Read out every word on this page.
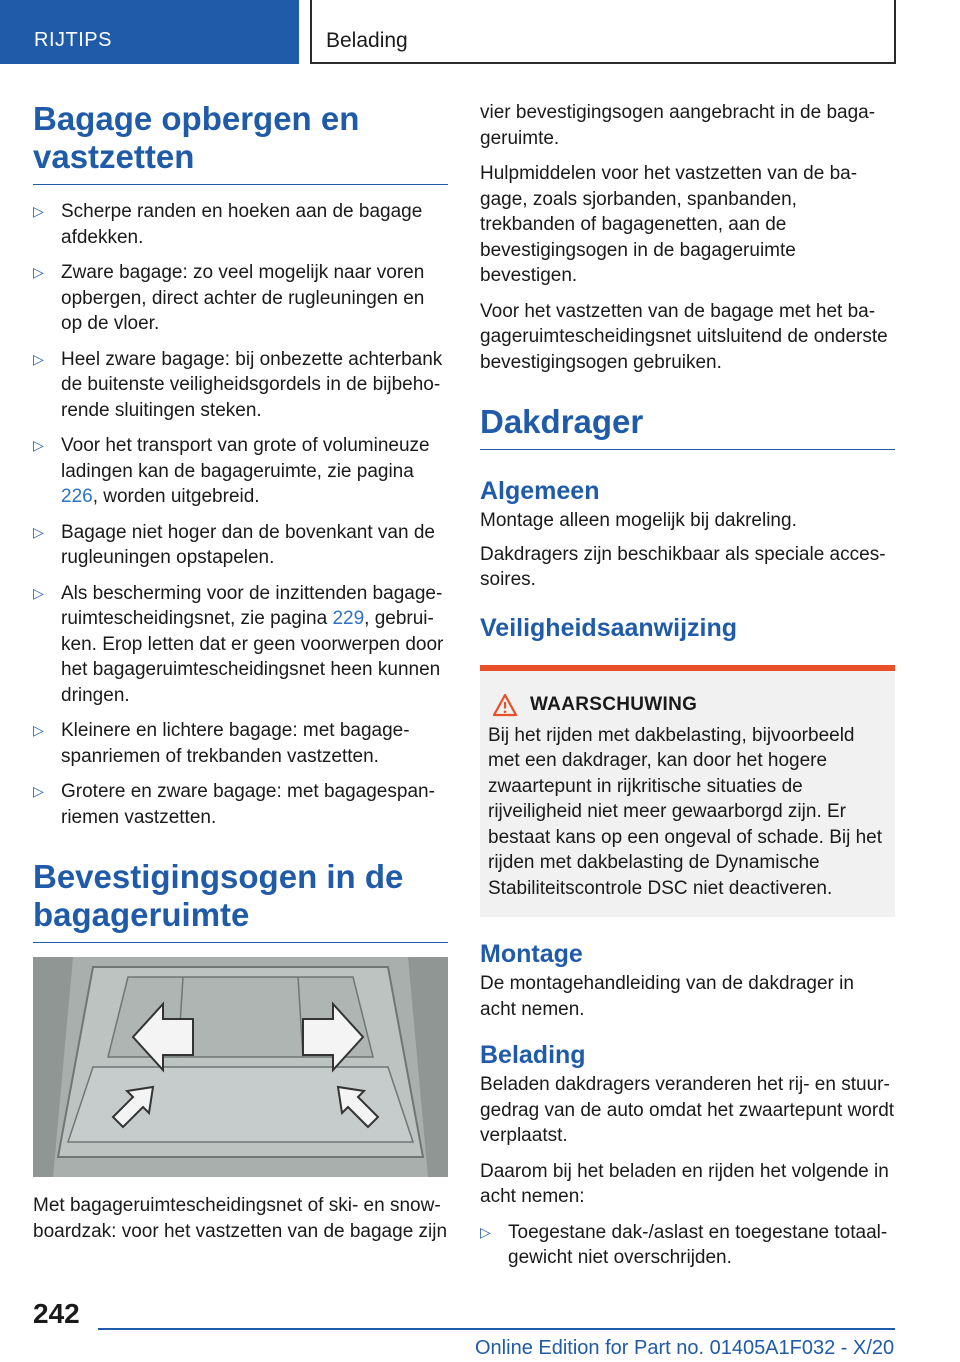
RIJTIPS	Belading
Bagage opbergen en vastzetten
▷ Scherpe randen en hoeken aan de bagage afdekken.
▷ Zware bagage: zo veel mogelijk naar voren opbergen, direct achter de rugleuningen en op de vloer.
▷ Heel zware bagage: bij onbezette achterbank de buitenste veiligheidsgordels in de bijbehorende sluitingen steken.
▷ Voor het transport van grote of volumineuze ladingen kan de bagageruimte, zie pagina 226, worden uitgebreid.
▷ Bagage niet hoger dan de bovenkant van de rugleuningen opstapelen.
▷ Als bescherming voor de inzittenden bagageruimtescheidingsnet, zie pagina 229, gebruiken. Erop letten dat er geen voorwerpen door het bagageruimtescheidingsnet heen kunnen dringen.
▷ Kleinere en lichtere bagage: met bagagespanriemen of trekbanden vastzetten.
▷ Grotere en zware bagage: met bagagespanriemen vastzetten.
Bevestigingsogen in de bagageruimte

Met bagageruimtescheidingsnet of ski- en snowboardzak: voor het vastzetten van de bagage zijn

vier bevestigingsogen aangebracht in de bagageruimte.

Hulpmiddelen voor het vastzetten van de bagage, zoals sjorbanden, spanbanden, trekbanden of bagagenetten, aan de bevestigingsogen in de bagageruimte bevestigen.

Voor het vastzetten van de bagage met het bagageruimtescheidingsnet uitsluitend de onderste bevestigingsogen gebruiken.

Dakdrager
Algemeen

Montage alleen mogelijk bij dakreling.

Dakdragers zijn beschikbaar als speciale accessoires.

Veiligheidsaanwijzing
WAARSCHUWING

Bij het rijden met dakbelasting, bijvoorbeeld met een dakdrager, kan door het hogere zwaartepunt in rijkritische situaties de rijveiligheid niet meer gewaarborgd zijn. Er bestaat kans op een ongeval of schade. Bij het rijden met dakbelasting de Dynamische Stabiliteitscontrole DSC niet deactiveren.

Montage

De montagehandleiding van de dakdrager in acht nemen.

Belading

Beladen dakdragers veranderen het rij- en stuurgedrag van de auto omdat het zwaartepunt wordt verplaatst.

Daarom bij het beladen en rijden het volgende in acht nemen:

▷ Toegestane dak-/aslast en toegestane totaalgewicht niet overschrijden.
242
Online Edition for Part no. 01405A1F032 - X/20
